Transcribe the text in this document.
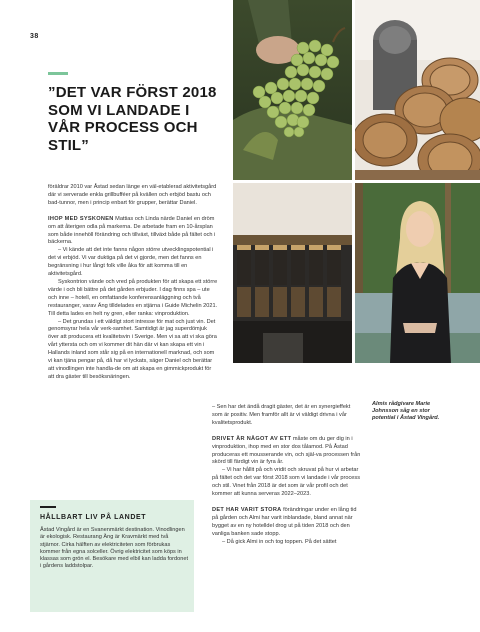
38
”DET VAR FÖRST 2018 SOM VI LANDADE I VÅR PROCESS OCH STIL”

föräldrar 2010 var Åstad sedan länge en väl-etablerad aktivitetsgård där vi serverade enkla grillbufféer på kvällen och erbjöd bastu och bad-tunnor, men i princip enbart för grupper, berättar Daniel.

IHOP MED SYSKONEN Mattias och Linda närde Daniel en dröm om att återigen odla på markerna. De arbetade fram en 10-årsplan som både innehöll förändring och tillväxt, tillväxt både på fältet och i bäckerna.

– Vi kände att det inte fanns någon större utvecklingspotential i det vi erbjöd. Vi var duktiga på det vi gjorde, men det fanns en begränsning i hur långt folk ville åka för att komma till en aktivitetsgård.

Syskontrion vände och vred på produkten för att skapa ett större värde i och bli bättre på det gården erbjuder. I dag finns spa – ute och inne – hotell, en omfattande konferensanläggning och två restauranger, varav Äng tilldelades en stjärna i Guide Michelin 2021. Till detta lades en helt ny gren, eller ranka: vinproduktion.

– Det grundas i ett väldigt stort intresse för mat och just vin. Det genomsyrar hela vår verk-samhet. Samtidigt är jag superdömjuk över att producera ett kvalitetsvin i Sverige. Men vi sa att vi ska göra vårt yttersta och om vi kommer dit hän där vi kan skapa ett vin i Hallands inland som står sig på en internationell marknad, och som vi kan tjäna pengar på, då har vi lyckats, säger Daniel och berättar att vinodlingen inte handla-de om att skapa en gimmickprodukt för att dra gäster till besöksnäringen.

– Sen har det ändå dragit gäster, det är en synergieffekt som är positiv. Men framför allt är vi väldigt drivna i vår kvalitetsprodukt.

DRIVET ÄR NÅGOT AV ETT måste om du ger dig in i vinproduktion, ihop med en stor dos tålamod. På Åstad produceras ett mousserande vin, och själ-va processen från skörd till färdigt vin är fyra år.

– Vi har hållit på och vridit och skruvat på hur vi arbetar på fältet och det var först 2018 som vi landade i vår process och stil. Vinet från 2018 är det som är vår profil och det kommer att kunna serveras 2022–2023.

DET HAR VARIT STORA förändringar under en lång tid på gården och Almi har varit inblandade, bland annat när bygget av en ny hotelldel drog ut på tiden 2018 och den vanliga banken sade stopp.

– Då gick Almi in och tog toppen. På det sättet

Almis rådgivare Marie Johnsson såg en stor potential i Åstad Vingård.
HÅLLBART LIV PÅ LANDET
Åstad Vingård är en Svanenmärkt destination. Vinodlingen är ekologisk. Restaurang Äng är Kravmärkt med två stjärnor. Cirka hälften av elektriciteten som förbrukas kommer från egna solceller. Övrig elektricitet som köps in klassas som grön el. Besökare med elbil kan ladda fordonet i gårdens laddstolpar.
